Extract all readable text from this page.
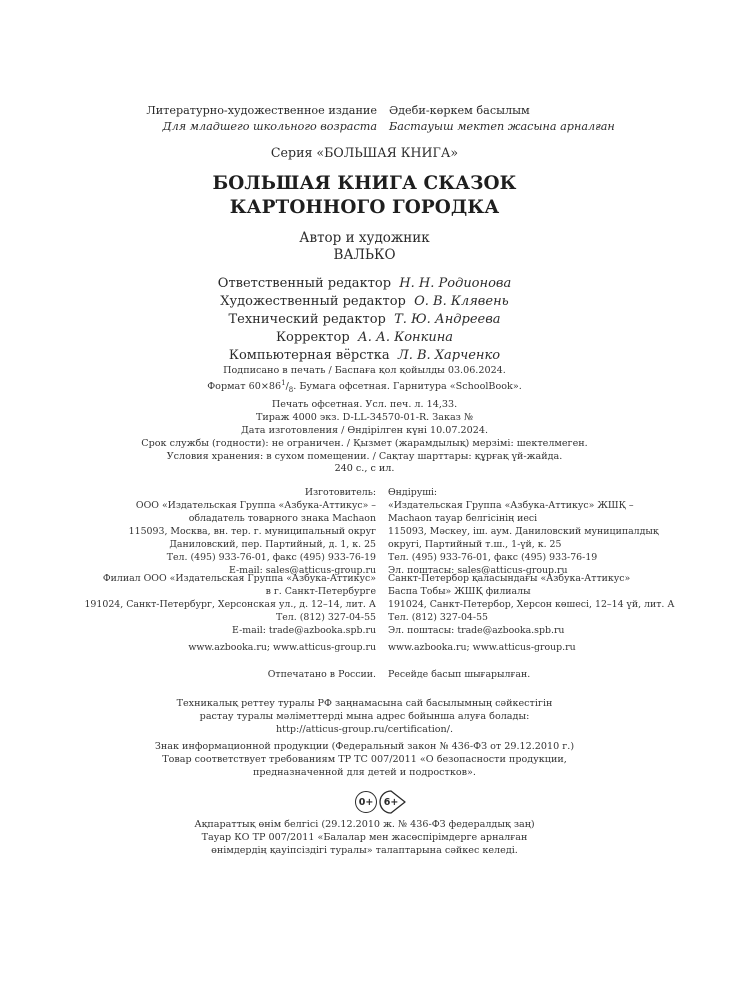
Литературно-художественное издание
Для младшего школьного возраста
Әдеби-көркем басылым
Бастауыш мектеп жасына арналған
Серия «БОЛЬШАЯ КНИГА»
БОЛЬШАЯ КНИГА СКАЗОК
КАРТОННОГО ГОРОДКА
Автор и художник
ВАЛЬКО
Ответственный редактор Н. Н. Родионова
Художественный редактор О. В. Клявень
Технический редактор Т. Ю. Андреева
Корректор А. А. Конкина
Компьютерная вёрстка Л. В. Харченко
Подписано в печать / Баспаға қол қойылды 03.06.2024.
Формат $60\times 86^1/_8$. Бумага офсетная. Гарнитура «SchoolBook».
Печать офсетная. Усл. печ. л. 14,33.
Тираж 4000 экз. D-LL-34570-01-R. Заказ №
Дата изготовления / Өндірілген күні 10.07.2024.
Срок службы (годности): не ограничен. / Қызмет (жарамдылық) мерзімі: шектелмеген.
Условия хранения: в сухом помещении. / Сақтау шарттары: құрғақ үй-жайда.
240 с., с ил.
Изготовитель:
ООО «Издательская Группа «Азбука-Аттикус» –
обладатель товарного знака Machaon
115093, Москва, вн. тер. г. муниципальный округ
Даниловский, пер. Партийный, д. 1, к. 25
Тел. (495) 933-76-01, факс (495) 933-76-19
E-mail: sales@atticus-group.ru
Өндіруші:
«Издательская Группа «Азбука-Аттикус» ЖШҚ –
Machaon тауар белгісінің иесі
115093, Мәскеу, іш. аум. Даниловский муниципалдық
округі, Партийный т.ш., 1-үй, к. 25
Тел. (495) 933-76-01, факс (495) 933-76-19
Эл. поштасы: sales@atticus-group.ru
Филиал ООО «Издательская Группа «Азбука-Аттикус»
в г. Санкт-Петербурге
191024, Санкт-Петербург, Херсонская ул., д. 12–14, лит. А
Тел. (812) 327-04-55
E-mail: trade@azbooka.spb.ru
Санкт-Петербор қаласындағы «Азбука-Аттикус»
Баспа Тобы» ЖШҚ филиалы
191024, Санкт-Петербор, Херсон көшесі, 12–14 үй, лит. А
Тел. (812) 327-04-55
Эл. поштасы: trade@azbooka.spb.ru
www.azbooka.ru; www.atticus-group.ru www.azbooka.ru; www.atticus-group.ru
Отпечатано в России. Ресейде басып шығарылған.
Техникалық реттеу туралы РФ заңнамасына сай басылымның сәйкестігін
растау туралы мәліметтерді мына адрес бойынша алуға болады:
http://atticus-group.ru/certification/.
Знак информационной продукции (Федеральный закон № 436-ФЗ от 29.12.2010 г.)
Товар соответствует требованиям ТР ТС 007/2011 «О безопасности продукции,
предназначенной для детей и подростков».
0+	6+
Ақпараттық өнім белгісі (29.12.2010 ж. № 436-ФЗ федералдық заң)
Тауар КО ТР 007/2011 «Балалар мен жасөспірімдерге арналған
өнімдердің қауіпсіздігі туралы» талаптарына сәйкес келеді.
